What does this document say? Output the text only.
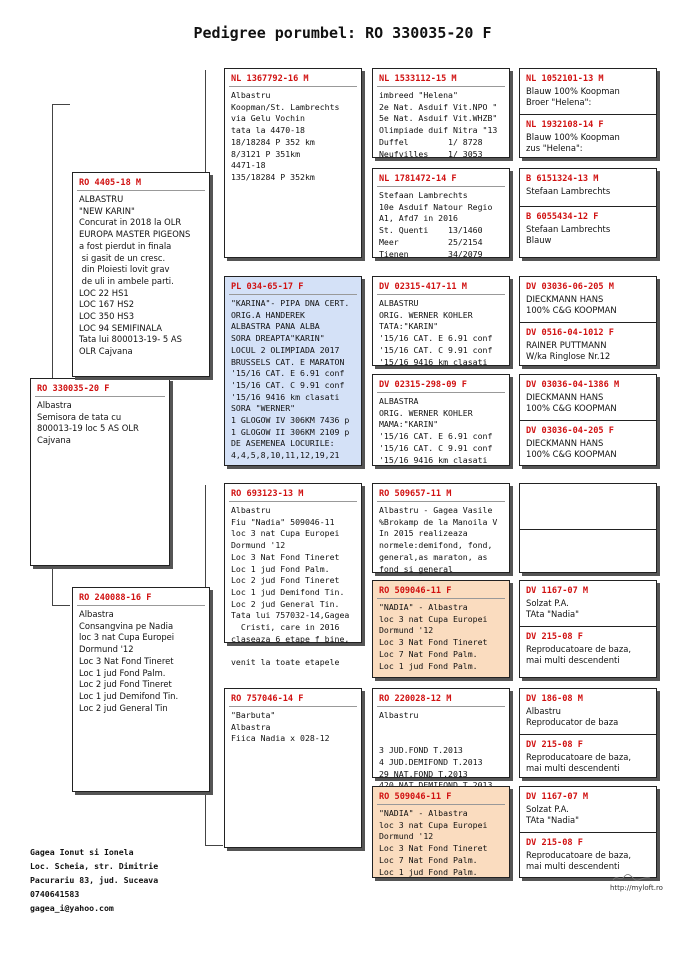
Pedigree porumbel: RO 330035-20 F
RO 330035-20 F
Albastra
Semisora de tata cu
800013-19 loc 5 AS OLR
Cajvana
RO 4405-18 M
ALBASTRU
"NEW KARIN"
Concurat in 2018 la OLR
EUROPA MASTER PIGEONS
a fost pierdut in finala
si gasit de un cresc.
din Ploiesti lovit grav
de uli in ambele parti.
LOC 22 HS1
LOC 167 HS2
LOC 350 HS3
LOC 94 SEMIFINALA
Tata lui 800013-19- 5 AS
OLR Cajvana
RO 240088-16 F
Albastra
Consangvina pe Nadia
loc 3 nat Cupa Europei
Dormund '12
Loc 3 Nat Fond Tineret
Loc 1 jud Fond Palm.
Loc 2 jud Fond Tineret
Loc 1 jud Demifond Tin.
Loc 2 jud General Tin
NL 1367792-16 M
Albastru
Koopman/St. Lambrechts
via Gelu Vochin
tata la 4470-18
18/18284 P 352 km
8/3121 P 351km
4471-18
135/18284 P 352km
PL 034-65-17 F
"KARINA"- PIPA DNA CERT.
ORIG.A HANDEREK
ALBASTRA PANA ALBA
SORA DREAPTA"KARIN"
LOCUL 2 OLIMPIADA 2017
BRUSSELS CAT. E MARATON
'15/16 CAT. E 6.91 conf
'15/16 CAT. C 9.91 conf
'15/16 9416 km clasati
SORA "WERNER"
1 GLOGOW IV 306KM 7436 p
1 GLOGOW II 306KM 2109 p
DE ASEMENEA LOCURILE:
4,4,5,8,10,11,12,19,21
RO 693123-13 M
Albastru
Fiu "Nadia" 509046-11
loc 3 nat Cupa Europei
Dormund '12
Loc 3 Nat Fond Tineret
Loc 1 jud Fond Palm.
Loc 2 jud Fond Tineret
Loc 1 jud Demifond Tin.
Loc 2 jud General Tin.
Tata lui 757032-14,Gagea
Cristi, care in 2016
claseaza 6 etape f bine,

venit la toate etapele
RO 757046-14 F
"Barbuta"
Albastra
Fiica Nadia x 028-12
NL 1533112-15 M
imbreed "Helena"
2e Nat. Asduif Vit.NPO "
5e Nat. Asduif Vit.WHZB"
Olimpiade duif Nitra "13
Duffel        1/ 8728
Neufvilles    1/ 3053
NL 1781472-14 F
Stefaan Lambrechts
10e Asduif Natour Regio
A1, Afd7 in 2016
St. Quenti    13/1460
Meer          25/2154
Tienen        34/2079
DV 02315-417-11 M
ALBASTRU
ORIG. WERNER KOHLER
TATA:"KARIN"
'15/16 CAT. E 6.91 conf
'15/16 CAT. C 9.91 conf
'15/16 9416 km clasati
DV 02315-298-09 F
ALBASTRA
ORIG. WERNER KOHLER
MAMA:"KARIN"
'15/16 CAT. E 6.91 conf
'15/16 CAT. C 9.91 conf
'15/16 9416 km clasati
RO 509657-11 M
Albastru - Gagea Vasile
%Brokamp de la Manoila V
In 2015 realizeaza
normele:demifond, fond,
general,as maraton, as
fond si general
RO 509046-11 F
"NADIA" - Albastra
loc 3 nat Cupa Europei
Dormund '12
Loc 3 Nat Fond Tineret
Loc 7 Nat Fond Palm.
Loc 1 jud Fond Palm.
RO 220028-12 M
Albastru

3 JUD.FOND T.2013
4 JUD.DEMIFOND T.2013
29 NAT.FOND T.2013

RO 509046-11 F
"NADIA" - Albastra
loc 3 nat Cupa Europei
Dormund '12
Loc 3 Nat Fond Tineret
Loc 7 Nat Fond Palm.
Loc 1 jud Fond Palm.
NL 1052101-13 M
Blauw 100% Koopman
Broer "Helena":
NL 1932108-14 F
Blauw 100% Koopman
zus "Helena":
B 6151324-13 M
Stefaan Lambrechts
B 6055434-12 F
Stefaan Lambrechts
Blauw
DV 03036-06-205 M
DIECKMANN HANS
100% C&G KOOPMAN
DV 0516-04-1012 F
RAINER PUTTMANN
W/ka Ringlose Nr.12
DV 03036-04-1386 M
DIECKMANN HANS
100% C&G KOOPMAN
DV 03036-04-205 F
DIECKMANN HANS
100% C&G KOOPMAN
DV 1167-07 M
Solzat P.A.
TAta "Nadia"
DV 215-08 F
Reproducatoare de baza,
mai multi descendenti
DV 186-08 M
Albastru
Reproducator de baza
DV 215-08 F
Reproducatoare de baza,
mai multi descendenti
DV 1167-07 M
Solzat P.A.
TAta "Nadia"
DV 215-08 F
Reproducatoare de baza,
mai multi descendenti
Gagea Ionut si Ionela
Loc. Scheia, str. Dimitrie
Pacurariu 83, jud. Suceava
0740641583
gagea_i@yahoo.com
http://myloft.ro
